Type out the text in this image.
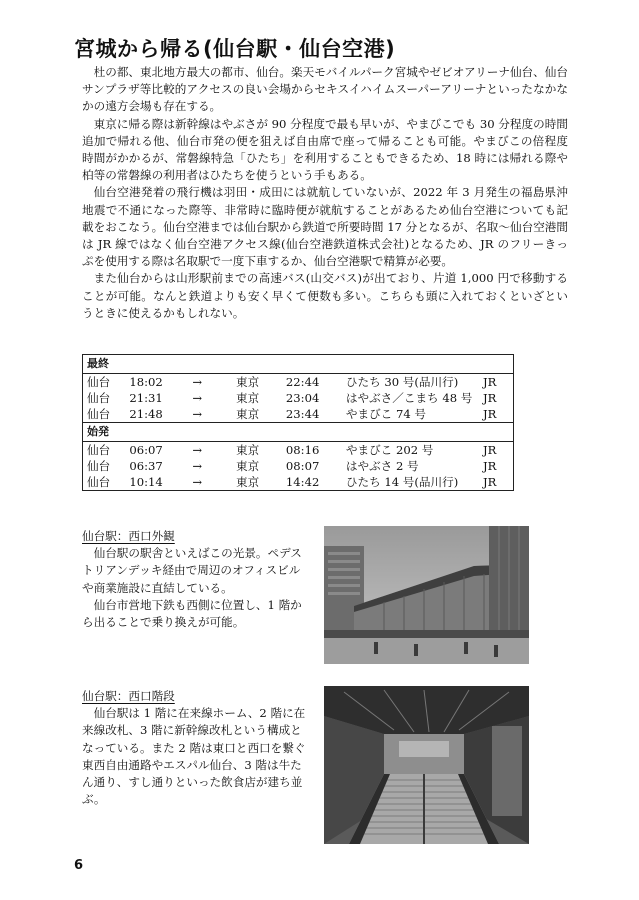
宮城から帰る(仙台駅・仙台空港)

杜の都、東北地方最大の都市、仙台。楽天モバイルパーク宮城やゼビオアリーナ仙台、仙台サンプラザ等比較的アクセスの良い会場からセキスイハイムスーパーアリーナといったなかなかの遠方会場も存在する。

東京に帰る際は新幹線はやぶさが 90 分程度で最も早いが、やまびこでも 30 分程度の時間追加で帰れる他、仙台市発の便を狙えば自由席で座って帰ることも可能。やまびこの倍程度時間がかかるが、常磐線特急「ひたち」を利用することもできるため、18 時には帰れる際や柏等の常磐線の利用者はひたちを使うという手もある。

仙台空港発着の飛行機は羽田・成田には就航していないが、2022 年 3 月発生の福島県沖地震で不通になった際等、非常時に臨時便が就航することがあるため仙台空港についても記載をおこなう。仙台空港までは仙台駅から鉄道で所要時間 17 分となるが、名取～仙台空港間は JR 線ではなく仙台空港アクセス線(仙台空港鉄道株式会社)となるため、JR のフリーきっぷを使用する際は名取駅で一度下車するか、仙台空港駅で精算が必要。

また仙台からは山形駅前までの高速バス(山交バス)が出ており、片道 1,000 円で移動することが可能。なんと鉄道よりも安く早くて便数も多い。こちらも頭に入れておくといざというときに使えるかもしれない。

最終						
仙台	18:02	→	東京	22:44	ひたち 30 号(品川行)	JR
仙台	21:31	→	東京	23:04	はやぶさ／こまち 48 号	JR
仙台	21:48	→	東京	23:44	やまびこ 74 号	JR
始発						
仙台	06:07	→	東京	08:16	やまびこ 202 号	JR
仙台	06:37	→	東京	08:07	はやぶさ 2 号	JR
仙台	10:14	→	東京	14:42	ひたち 14 号(品川行)	JR
仙台駅：西口外観

仙台駅の駅舎といえばこの光景。ペデストリアンデッキ経由で周辺のオフィスビルや商業施設に直結している。

仙台市営地下鉄も西側に位置し、1 階から出ることで乗り換えが可能。

仙台駅：西口階段

仙台駅は 1 階に在来線ホーム、2 階に在来線改札、3 階に新幹線改札という構成となっている。また 2 階は東口と西口を繋ぐ東西自由通路やエスパル仙台、3 階は牛たん通り、すし通りといった飲食店が建ち並ぶ。

6
